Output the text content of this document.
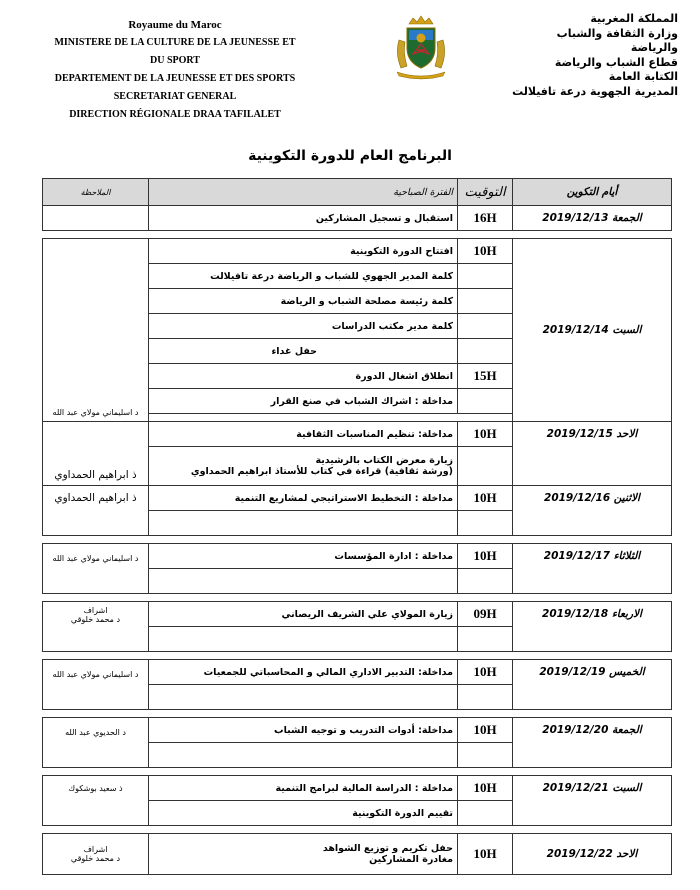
Royaume du Maroc
MINISTERE DE LA CULTURE DE LA JEUNESSE ET
DU SPORT
DEPARTEMENT DE LA JEUNESSE ET DES SPORTS
SECRETARIAT GENERAL
DIRECTION RÉGIONALE DRAA TAFILALET
المملكة المغربية
وزارة الثقافة والشباب
والرياضة
قطاع الشباب والرياضة
الكتابة العامة
المديرية الجهوية درعة تافيلالت
البرنامج العام للدورة التكوينية
أيام التكوين	التوقيت	الفترة الصباحية	الملاحظة
الجمعة 2019/12/13	16H	استقبال و تسجيل المشاركين	

السبت 2019/12/14	10H	افتتاح الدورة التكوينية	د اسليماني مولاي عبد الله
		كلمة المدير الجهوي للشباب و الرياضة درعة تافيلالت	
		كلمة رئيسة مصلحة الشباب و الرياضة	
		كلمة مدير مكتب الدراسات	
		حفل غداء	
	15H	انطلاق اشغال الدورة	
		مداخلة : اشراك الشباب في صنع القرار	

الاحد 2019/12/15	10H	مداخلة: تنظيم المناسبات الثقافية	ذ ابراهيم الحمداوي

		زيارة معرض الكتاب بالرشيدية
(ورشة ثقافية) قراءة في كتاب للأستاذ ابراهيم الحمداوي	

الاثنين 2019/12/16	10H	مداخلة : التخطيط الاستراتيجي لمشاريع التنمية	ذ ابراهيم الحمداوي

الثلاثاء 2019/12/17	10H	مداخلة : ادارة المؤسسات	د اسليماني مولاي عبد الله

الاربعاء 2019/12/18	09H	زيارة المولاي علي الشريف الريصاني	اشراف
د محمد خلوقي

الخميس 2019/12/19	10H	مداخلة: التدبير الاداري المالي و المحاسباتي للجمعيات	د اسليماني مولاي عبد الله

الجمعة 2019/12/20	10H	مداخلة: أدوات التدريب و توجيه الشباب	د الحديوي عبد الله

السبت 2019/12/21	10H	مداخلة : الدراسة المالية لبرامج التنمية	ذ سعيد بوشكوك
		تقييم الدورة التكوينية	

الاحد 2019/12/22	10H	حفل تكريم و توزيع الشواهد
مغادرة المشاركين	اشراف
د محمد خلوقي
